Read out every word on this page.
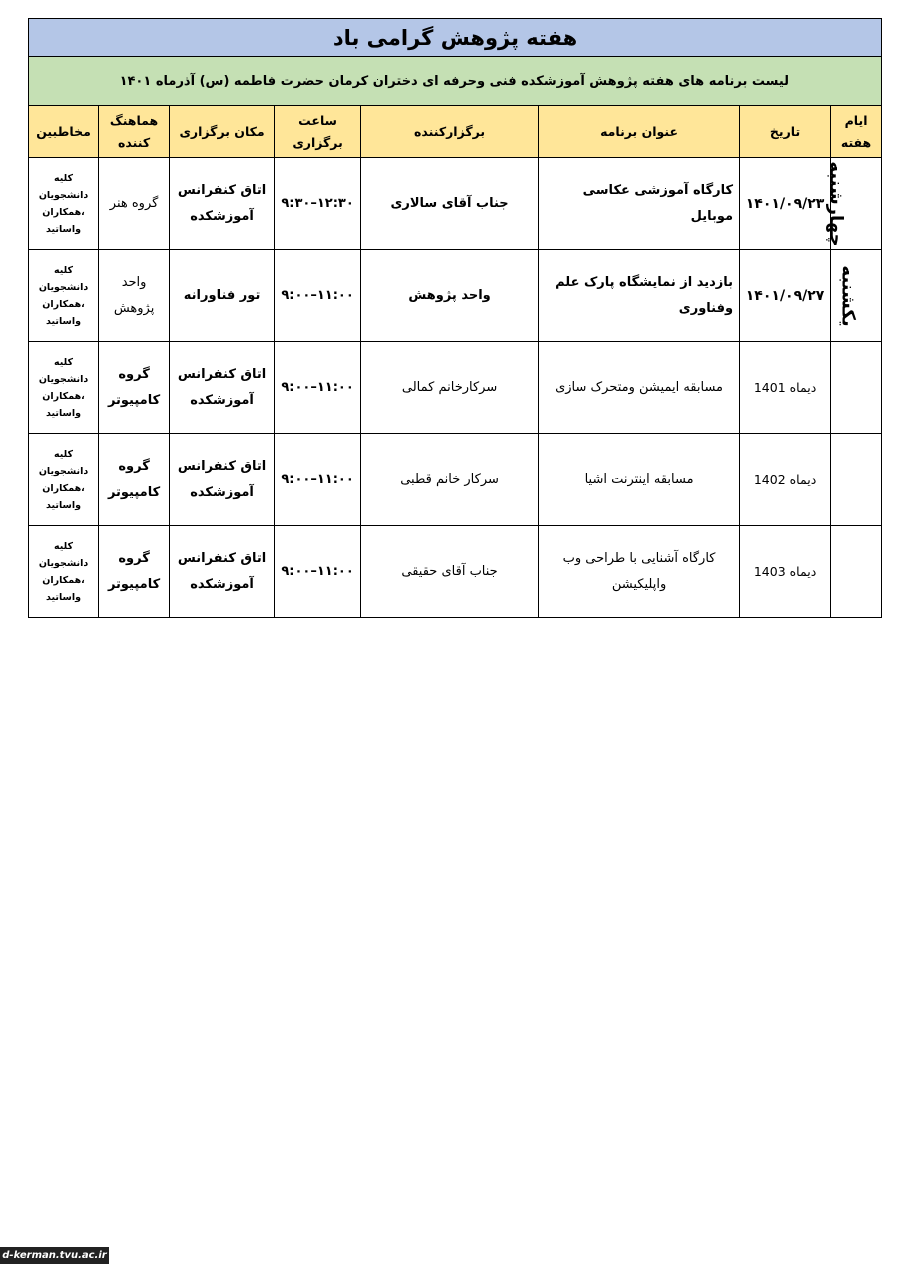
هفته پژوهش گرامی باد							
لیست برنامه های هفته پژوهش آموزشکده فنی وحرفه ای دختران کرمان حضرت فاطمه (س) آذرماه ۱۴۰۱							
ایام هفته	تاریخ	عنوان برنامه	برگزارکننده	ساعت برگزاری	مکان برگزاری	هماهنگ کننده	مخاطبین
چهارشنبه	۱۴۰۱/۰۹/۲۳	کارگاه آموزشی عکاسی موبایل	جناب آقای سالاری	۱۲:۳۰–۹:۳۰	اتاق کنفرانس آموزشکده	گروه هنر	کلیه دانشجویان ،همکاران واساتید
یکشنبه	۱۴۰۱/۰۹/۲۷	بازدید از نمایشگاه پارک علم وفناوری	واحد پژوهش	۱۱:۰۰–۹:۰۰	تور فناورانه	واحد پژوهش	کلیه دانشجویان ،همکاران واساتید
	دیماه 1401	مسابقه ایمیشن ومتحرک سازی	سرکارخانم کمالی	۱۱:۰۰–۹:۰۰	اتاق کنفرانس آموزشکده	گروه کامپیوتر	کلیه دانشجویان ،همکاران واساتید
	دیماه 1402	مسابقه اینترنت اشیا	سرکار خانم قطبی	۱۱:۰۰–۹:۰۰	اتاق کنفرانس آموزشکده	گروه کامپیوتر	کلیه دانشجویان ،همکاران واساتید
	دیماه 1403	کارگاه آشنایی با طراحی وب واپلیکیشن	جناب آقای حقیقی	۱۱:۰۰–۹:۰۰	اتاق کنفرانس آموزشکده	گروه کامپیوتر	کلیه دانشجویان ،همکاران واساتید
d-kerman.tvu.ac.ir
